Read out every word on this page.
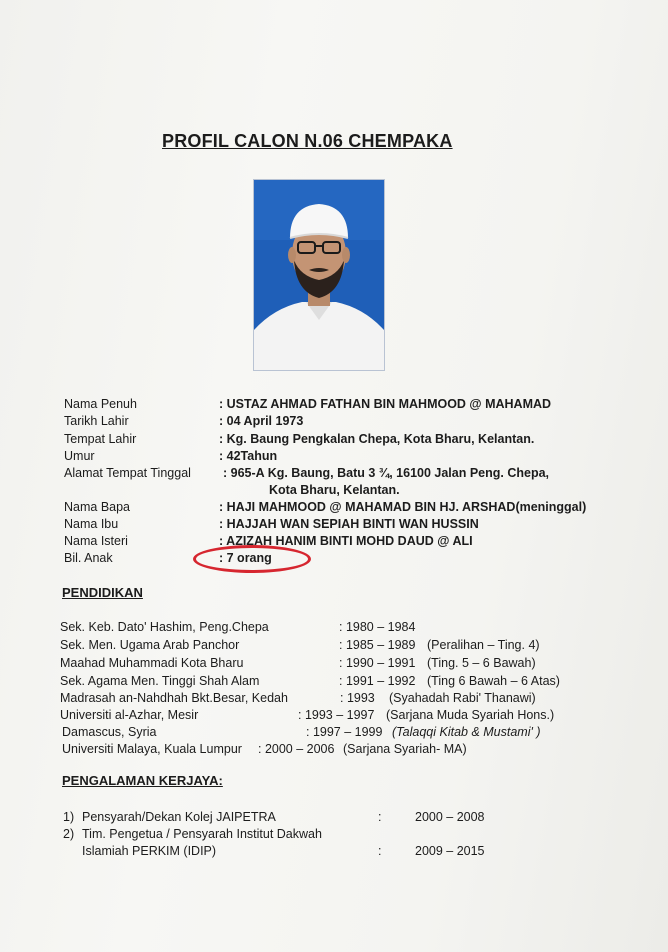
PROFIL CALON N.06 CHEMPAKA
Nama Penuh	: USTAZ AHMAD FATHAN BIN MAHMOOD @ MAHAMAD
Tarikh Lahir	: 04 April 1973
Tempat Lahir	: Kg. Baung Pengkalan Chepa, Kota Bharu, Kelantan.
Umur	: 42Tahun
Alamat Tempat Tinggal	: 965-A Kg. Baung, Batu 3 ¾, 16100 Jalan Peng. Chepa,
Kota Bharu, Kelantan.
Nama Bapa	: HAJI MAHMOOD @ MAHAMAD BIN HJ. ARSHAD(meninggal)
Nama Ibu	: HAJJAH WAN SEPIAH BINTI WAN HUSSIN
Nama Isteri	: AZIZAH HANIM BINTI MOHD DAUD @ ALI
Bil. Anak	: 7 orang
PENDIDIKAN
Sek. Keb. Dato' Hashim, Peng.Chepa	: 1980 – 1984
Sek. Men. Ugama Arab Panchor	: 1985 – 1989 (Peralihan – Ting. 4)
Maahad Muhammadi Kota Bharu	: 1990 – 1991 (Ting. 5 – 6 Bawah)
Sek. Agama Men. Tinggi Shah Alam	: 1991 – 1992 (Ting 6 Bawah – 6 Atas)
Madrasah an-Nahdhah Bkt.Besar, Kedah	: 1993 (Syahadah Rabi' Thanawi)
Universiti al-Azhar, Mesir	: 1993 – 1997 (Sarjana Muda Syariah Hons.)
Damascus, Syria	: 1997 – 1999 (Talaqqi Kitab & Mustami' )
Universiti Malaya, Kuala Lumpur : 2000 – 2006 (Sarjana Syariah- MA)
PENGALAMAN KERJAYA:
1) Pensyarah/Dekan Kolej JAIPETRA	:	2000 – 2008
2) Tim. Pengetua / Pensyarah Institut Dakwah
Islamiah PERKIM (IDIP)	:	2009 – 2015
